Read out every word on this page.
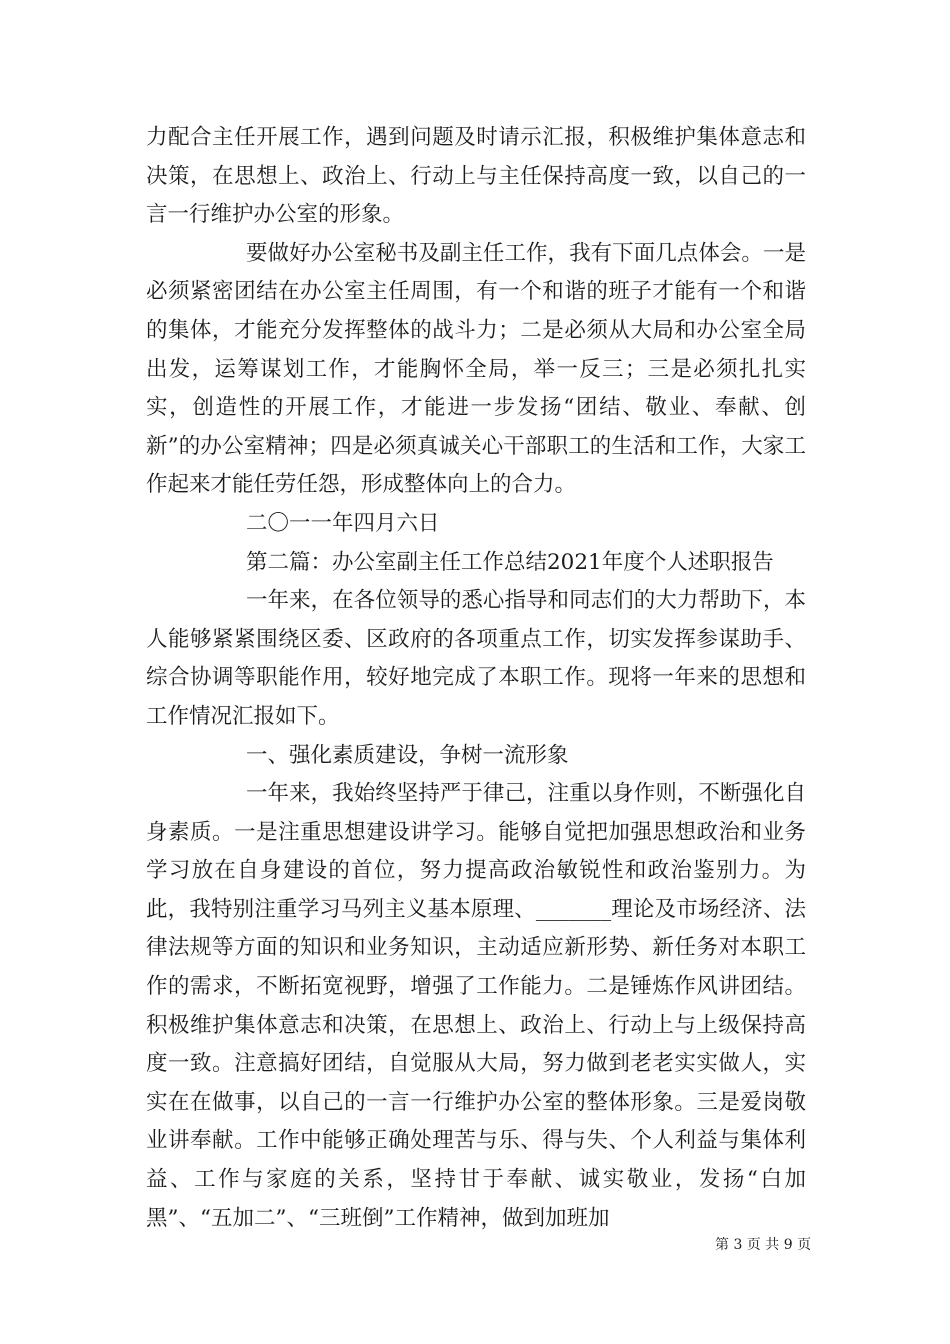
力配合主任开展工作，遇到问题及时请示汇报，积极维护集体意志和决策，在思想上、政治上、行动上与主任保持高度一致，以自己的一言一行维护办公室的形象。

要做好办公室秘书及副主任工作，我有下面几点体会。一是必须紧密团结在办公室主任周围，有一个和谐的班子才能有一个和谐的集体，才能充分发挥整体的战斗力；二是必须从大局和办公室全局出发，运筹谋划工作，才能胸怀全局，举一反三；三是必须扎扎实实，创造性的开展工作，才能进一步发扬“团结、敬业、奉献、创新”的办公室精神；四是必须真诚关心干部职工的生活和工作，大家工作起来才能任劳任怨，形成整体向上的合力。

二〇一一年四月六日

第二篇：办公室副主任工作总结2021年度个人述职报告

一年来，在各位领导的悉心指导和同志们的大力帮助下，本人能够紧紧围绕区委、区政府的各项重点工作，切实发挥参谋助手、综合协调等职能作用，较好地完成了本职工作。现将一年来的思想和工作情况汇报如下。

一、强化素质建设，争树一流形象

一年来，我始终坚持严于律己，注重以身作则，不断强化自身素质。一是注重思想建设讲学习。能够自觉把加强思想政治和业务学习放在自身建设的首位，努力提高政治敏锐性和政治鉴别力。为此，我特别注重学习马列主义基本原理、_______理论及市场经济、法律法规等方面的知识和业务知识，主动适应新形势、新任务对本职工作的需求，不断拓宽视野，增强了工作能力。二是锤炼作风讲团结。积极维护集体意志和决策，在思想上、政治上、行动上与上级保持高度一致。注意搞好团结，自觉服从大局，努力做到老老实实做人，实实在在做事，以自己的一言一行维护办公室的整体形象。三是爱岗敬业讲奉献。工作中能够正确处理苦与乐、得与失、个人利益与集体利益、工作与家庭的关系，坚持甘于奉献、诚实敬业，发扬“白加黑”、“五加二”、“三班倒”工作精神，做到加班加

第 3 页 共 9 页
